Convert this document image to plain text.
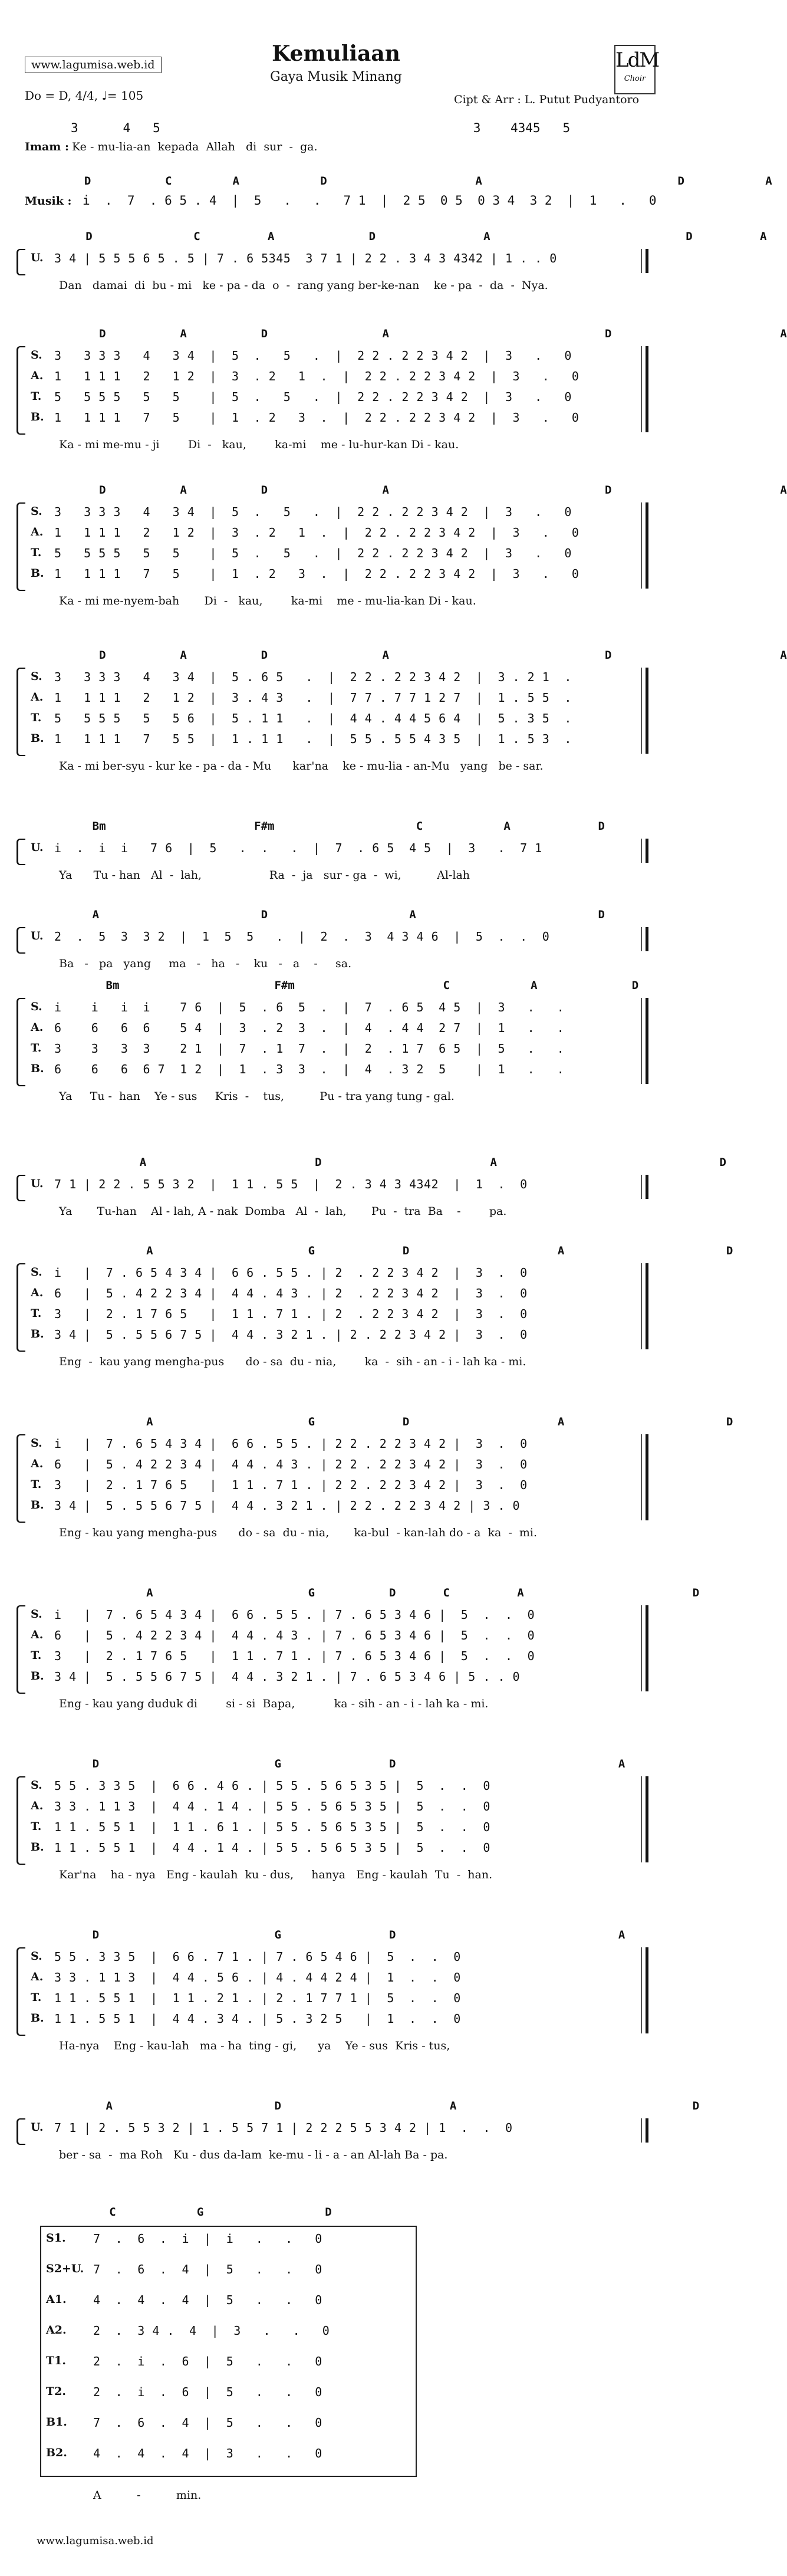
www.lagumisa.web.id	Kemuliaan
Gaya Musik Minang
LdM
Choir
Do = D, 4/4, ♩= 105	Cipt & Arr : L. Putut Pudyantoro
3      4   5                                          3    4345   5
Imam : Ke - mu-lia-an  kepada  Allah   di  sur  -  ga.
D           C         A            D                      A                             D            A
Musik : i  .  7  . 6 5 . 4  |  5   .   .   7 1  |  2 5  0 5  0 3 4  3 2  |  1   .   0
D               C          A              D                A                             D          A
U. 3 4 | 5 5 5 6 5 . 5 | 7 . 6 5345  3 7 1 | 2 2 . 3 4 3 4342 | 1 . . 0
Dan   damai  di  bu - mi   ke - pa - da  o  -  rang yang ber-ke-nan    ke - pa  -  da  -  Nya.
D           A           D                 A                                D                         A
S. 3   3 3 3   4   3 4  |  5  .   5   .  |  2 2 . 2 2 3 4 2  |  3   .   0
A. 1   1 1 1   2   1 2  |  3  . 2   1  .  |  2 2 . 2 2 3 4 2  |  3   .   0
T. 5   5 5 5   5   5    |  5  .   5   .  |  2 2 . 2 2 3 4 2  |  3   .   0
B. 1   1 1 1   7   5    |  1  . 2   3  .  |  2 2 . 2 2 3 4 2  |  3   .   0
Ka - mi me-mu - ji        Di  -   kau,        ka-mi    me - lu-hur-kan Di - kau.
D           A           D                 A                                D                         A
S. 3   3 3 3   4   3 4  |  5  .   5   .  |  2 2 . 2 2 3 4 2  |  3   .   0
A. 1   1 1 1   2   1 2  |  3  . 2   1  .  |  2 2 . 2 2 3 4 2  |  3   .   0
T. 5   5 5 5   5   5    |  5  .   5   .  |  2 2 . 2 2 3 4 2  |  3   .   0
B. 1   1 1 1   7   5    |  1  . 2   3  .  |  2 2 . 2 2 3 4 2  |  3   .   0
Ka - mi me-nyem-bah       Di  -   kau,        ka-mi    me - mu-lia-kan Di - kau.
D           A           D                 A                                D                         A
S. 3   3 3 3   4   3 4  |  5 . 6 5   .  |  2 2 . 2 2 3 4 2  |  3 . 2 1  .
A. 1   1 1 1   2   1 2  |  3 . 4 3   .  |  7 7 . 7 7 1 2 7  |  1 . 5 5  .
T. 5   5 5 5   5   5 6  |  5 . 1 1   .  |  4 4 . 4 4 5 6 4  |  5 . 3 5  .
B. 1   1 1 1   7   5 5  |  1 . 1 1   .  |  5 5 . 5 5 4 3 5  |  1 . 5 3  .
Ka - mi ber-syu - kur ke - pa - da - Mu      kar'na    ke - mu-lia - an-Mu   yang   be - sar.
Bm                      F#m                     C            A             D
U. i  .  i  i   7 6  |  5   .  .   .  |  7  . 6 5  4 5  |  3   .  7 1
Ya      Tu - han   Al  -  lah,                   Ra  -  ja   sur - ga  -  wi,          Al-lah
A                        D                     A                           D
U. 2  .  5  3  3 2  |  1  5  5   .  |  2  .  3  4 3 4 6  |  5  .  .  0
Ba   -   pa   yang     ma   -   ha   -    ku   -   a    -     sa.
Bm                       F#m                      C            A              D
S. i    i   i  i    7 6  |  5  . 6  5  .  |  7  . 6 5  4 5  |  3   .   .
A. 6    6   6  6    5 4  |  3  . 2  3  .  |  4  . 4 4  2 7  |  1   .   .
T. 3    3   3  3    2 1  |  7  . 1  7  .  |  2  . 1 7  6 5  |  5   .   .
B. 6    6   6  6 7  1 2  |  1  . 3  3  .  |  4  . 3 2  5    |  1   .   .
Ya     Tu -  han    Ye - sus     Kris  -    tus,          Pu - tra yang tung - gal.
A                         D                         A                                 D
U. 7 1 | 2 2 . 5 5 3 2  |  1 1 . 5 5  |  2 . 3 4 3 4342  |  1  .  0
Ya       Tu-han    Al - lah, A - nak  Domba   Al  -  lah,       Pu  -  tra  Ba    -        pa.
A                       G             D                      A                        D
S. i   |  7 . 6 5 4 3 4 |  6 6 . 5 5 . | 2  . 2 2 3 4 2  |  3  .  0
A. 6   |  5 . 4 2 2 3 4 |  4 4 . 4 3 . | 2  . 2 2 3 4 2  |  3  .  0
T. 3   |  2 . 1 7 6 5   |  1 1 . 7 1 . | 2  . 2 2 3 4 2  |  3  .  0
B. 3 4 |  5 . 5 5 6 7 5 |  4 4 . 3 2 1 . | 2 . 2 2 3 4 2 |  3  .  0
Eng  -  kau yang mengha-pus      do - sa  du - nia,        ka  -  sih - an - i - lah ka - mi.
A                       G             D                      A                        D
S. i   |  7 . 6 5 4 3 4 |  6 6 . 5 5 . | 2 2 . 2 2 3 4 2 |  3  .  0
A. 6   |  5 . 4 2 2 3 4 |  4 4 . 4 3 . | 2 2 . 2 2 3 4 2 |  3  .  0
T. 3   |  2 . 1 7 6 5   |  1 1 . 7 1 . | 2 2 . 2 2 3 4 2 |  3  .  0
B. 3 4 |  5 . 5 5 6 7 5 |  4 4 . 3 2 1 . | 2 2 . 2 2 3 4 2 | 3 . 0
Eng - kau yang mengha-pus      do - sa  du - nia,       ka-bul  - kan-lah do - a  ka  -  mi.
A                       G           D       C          A                         D
S. i   |  7 . 6 5 4 3 4 |  6 6 . 5 5 . | 7 . 6 5 3 4 6 |  5  .  .  0
A. 6   |  5 . 4 2 2 3 4 |  4 4 . 4 3 . | 7 . 6 5 3 4 6 |  5  .  .  0
T. 3   |  2 . 1 7 6 5   |  1 1 . 7 1 . | 7 . 6 5 3 4 6 |  5  .  .  0
B. 3 4 |  5 . 5 5 6 7 5 |  4 4 . 3 2 1 . | 7 . 6 5 3 4 6 | 5 . . 0
Eng - kau yang duduk di        si - si  Bapa,           ka - sih - an - i - lah ka - mi.
D                          G                D                                 A
S. 5 5 . 3 3 5  |  6 6 . 4 6 . | 5 5 . 5 6 5 3 5 |  5  .  .  0
A. 3 3 . 1 1 3  |  4 4 . 1 4 . | 5 5 . 5 6 5 3 5 |  5  .  .  0
T. 1 1 . 5 5 1  |  1 1 . 6 1 . | 5 5 . 5 6 5 3 5 |  5  .  .  0
B. 1 1 . 5 5 1  |  4 4 . 1 4 . | 5 5 . 5 6 5 3 5 |  5  .  .  0
Kar'na    ha - nya   Eng - kaulah  ku - dus,     hanya   Eng - kaulah  Tu  -  han.
D                          G                D                                 A
S. 5 5 . 3 3 5  |  6 6 . 7 1 . | 7 . 6 5 4 6 |  5  .  .  0
A. 3 3 . 1 1 3  |  4 4 . 5 6 . | 4 . 4 4 2 4 |  1  .  .  0
T. 1 1 . 5 5 1  |  1 1 . 2 1 . | 2 . 1 7 7 1 |  5  .  .  0
B. 1 1 . 5 5 1  |  4 4 . 3 4 . | 5 . 3 2 5   |  1  .  .  0
Ha-nya    Eng - kau-lah   ma - ha  ting - gi,      ya    Ye - sus  Kris - tus,
A                        D                         A                                   D
U. 7 1 | 2 . 5 5 3 2 | 1 . 5 5 7 1 | 2 2 2 5 5 3 4 2 | 1  .  .  0
ber - sa  -  ma Roh   Ku - dus da-lam  ke-mu - li - a - an Al-lah Ba - pa.
C            G                  D
S1. 7  .  6  .  i  |  i   .   .   0
S2+U. 7  .  6  .  4  |  5   .   .   0
A1. 4  .  4  .  4  |  5   .   .   0
A2. 2  .  3 4 .  4  |  3   .   .   0
T1. 2  .  i  .  6  |  5   .   .   0
T2. 2  .  i  .  6  |  5   .   .   0
B1. 7  .  6  .  4  |  5   .   .   0
B2. 4  .  4  .  4  |  3   .   .   0
A          -          min.
www.lagumisa.web.id
